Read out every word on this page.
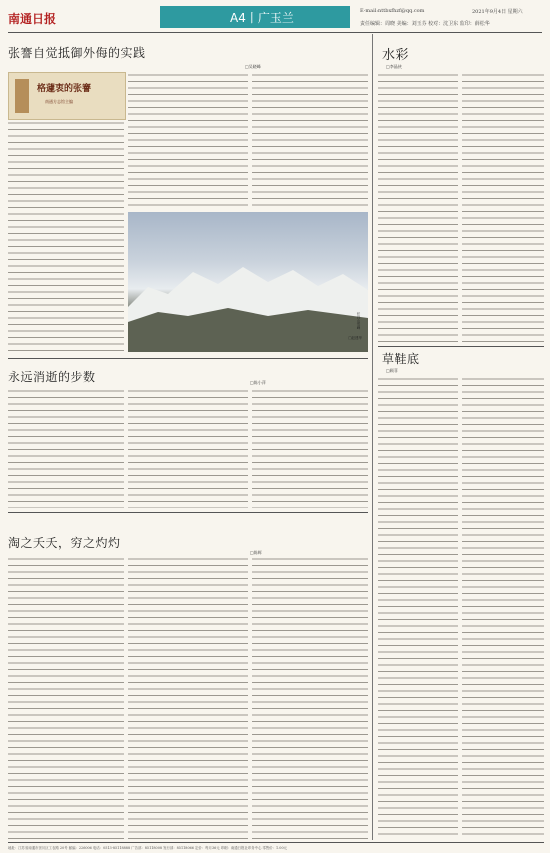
南通日报	A4丨广玉兰	E-mail:nttbxfhzf@qq.com	2021年9月4日 星期六
责任编辑：周晓 美编：刘玉芬 校对：沈卫东 监印：薛松华
张謇自觉抵御外侮的实践
□吴晓峰
格蘧衷的张謇
南通方志馆主编
长白山雪峰
□赵建华
永远消逝的步数	□陈小萍
淘之夭夭，穷之灼灼
□陈辉
水彩
□李晶侠
草鞋底
□顾菲
地址：江苏省南通市崇川区工农路 20号 邮编：226006 电话：0513-85118888 广告部：85118008 发行部：85118066 定价：每月36元 印刷：南通日报社印务中心 零售价：1.00元
